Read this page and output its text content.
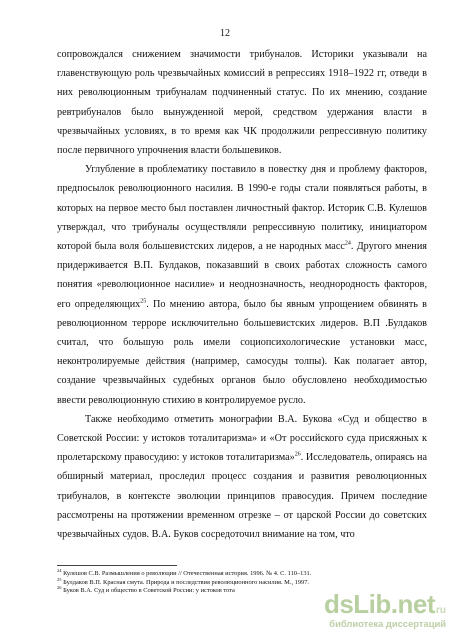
12

сопровождался снижением значимости трибуналов. Историки указывали на главенствующую роль чрезвычайных комиссий в репрессиях 1918–1922 гг, отведи в них революционным трибуналам подчиненный статус. По их мнению, создание ревтрибуналов было вынужденной мерой, средством удержания власти в чрезвычайных условиях, в то время как ЧК продолжили репрессивную политику после первичного упрочнения власти большевиков.

Углубление в проблематику поставило в повестку дня и проблему факторов, предпосылок революционного насилия. В 1990-е годы стали появляться работы, в которых на первое место был поставлен личностный фактор. Историк С.В. Кулешов утверждал, что трибуналы осуществляли репрессивную политику, инициатором которой была воля большевистских лидеров, а не народных масс$^{24}$. Другого мнения придерживается В.П. Булдаков, показавший в своих работах сложность самого понятия «революционное насилие» и неоднозначность, неоднородность факторов, его определяющих$^{25}$. По мнению автора, было бы явным упрощением обвинять в революционном терроре исключительно большевистских лидеров. В.П .Булдаков считал, что большую роль имели социопсихологические установки масс, неконтролируемые действия (например, самосуды толпы). Как полагает автор, создание чрезвычайных судебных органов было обусловлено необходимостью ввести революционную стихию в контролируемое русло.

Также необходимо отметить монографии В.А. Букова «Суд и общество в Советской России: у истоков тоталитаризма» и «От российского суда присяжных к пролетарскому правосудию: у истоков тоталитаризма»$^{26}$. Исследователь, опираясь на обширный материал, проследил процесс создания и развития революционных трибуналов, в контексте эволюции принципов правосудия. Причем последние рассмотрены на протяжении временном отрезке – от царской России до советских чрезвычайных судов. В.А. Буков сосредоточил внимание на том, что

$^{24}$ Кулешов С.В. Размышления о революции // Отечественная история. 1996. № 4. С. 110–131.

$^{25}$ Булдаков В.П. Красная смута. Природа и последствия революционного насилия. М., 1997.

$^{26}$ Буков В.А. Суд и общество в Советской России: у истоков тота	dsLib.net ru
библиотека диссертаций
